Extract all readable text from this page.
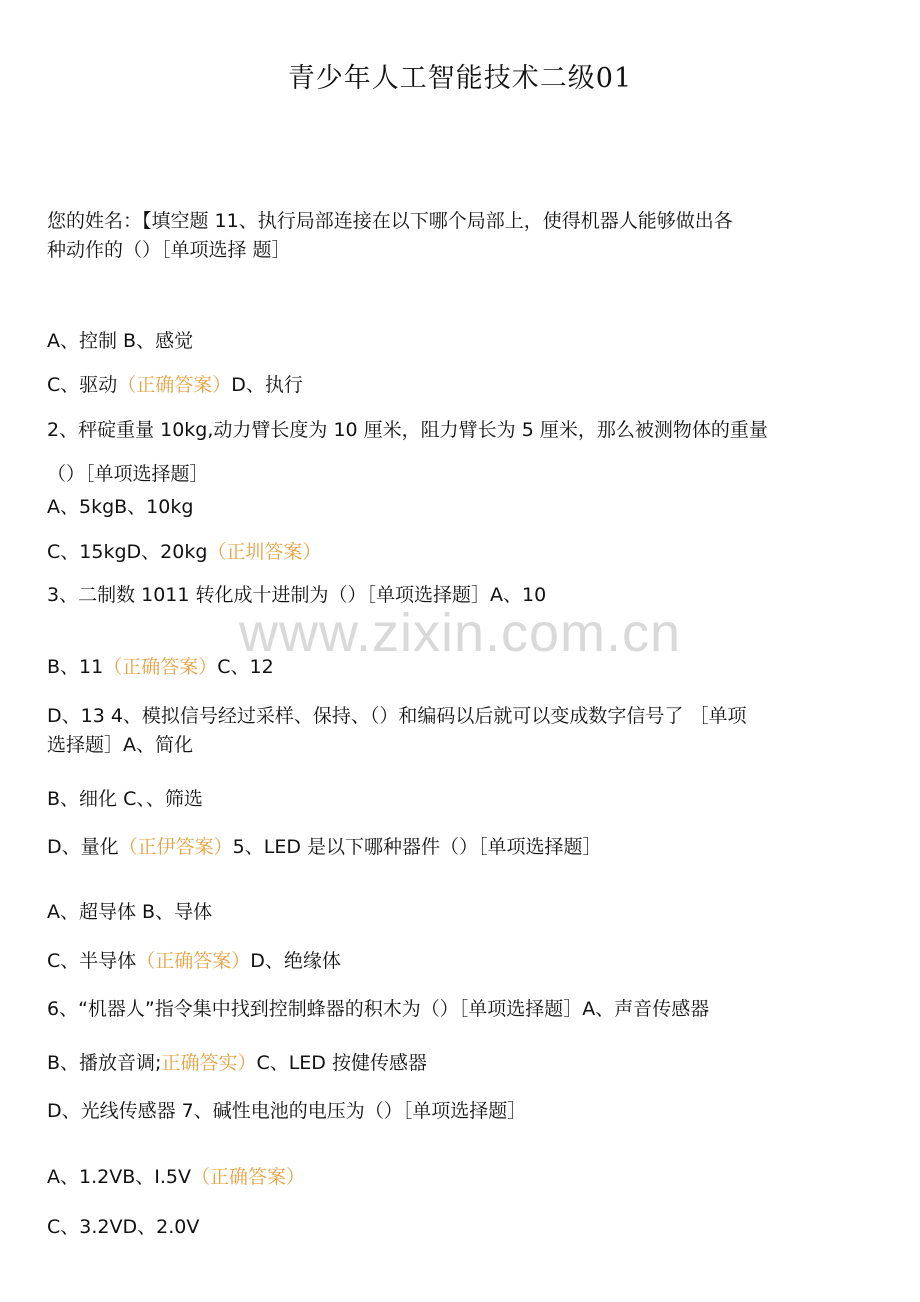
青少年人工智能技术二级01
www.zixin.com.cn
您的姓名：【填空题 11、执行局部连接在以下哪个局部上，使得机器人能够做出各
种动作的（）［单项选择 题］
A、控制 B、感觉
C、驱动（正确答案）D、执行
2、秤碇重量 10kg,动力臂长度为 10 厘米，阻力臂长为 5 厘米，那么被测物体的重量
（）［单项选择题］
A、5kgB、10kg
C、15kgD、20kg（正圳答案）
3、二制数 1011 转化成十进制为（）［单项选择题］A、10
B、11（正确答案）C、12
D、13 4、模拟信号经过采样、保持、（）和编码以后就可以变成数字信号了 ［单项
选择题］A、简化
B、细化 C、、筛选
D、量化（正伊答案）5、LED 是以下哪种器件（）［单项选择题］
A、超导体 B、导体
C、半导体（正确答案）D、绝缘体
6、“机器人”指令集中找到控制蜂器的积木为（）［单项选择题］A、声音传感器
B、播放音调;正确答实）C、LED 按健传感器
D、光线传感器 7、碱性电池的电压为（）［单项选择题］
A、1.2VB、I.5V（正确答案）
C、3.2VD、2.0V
